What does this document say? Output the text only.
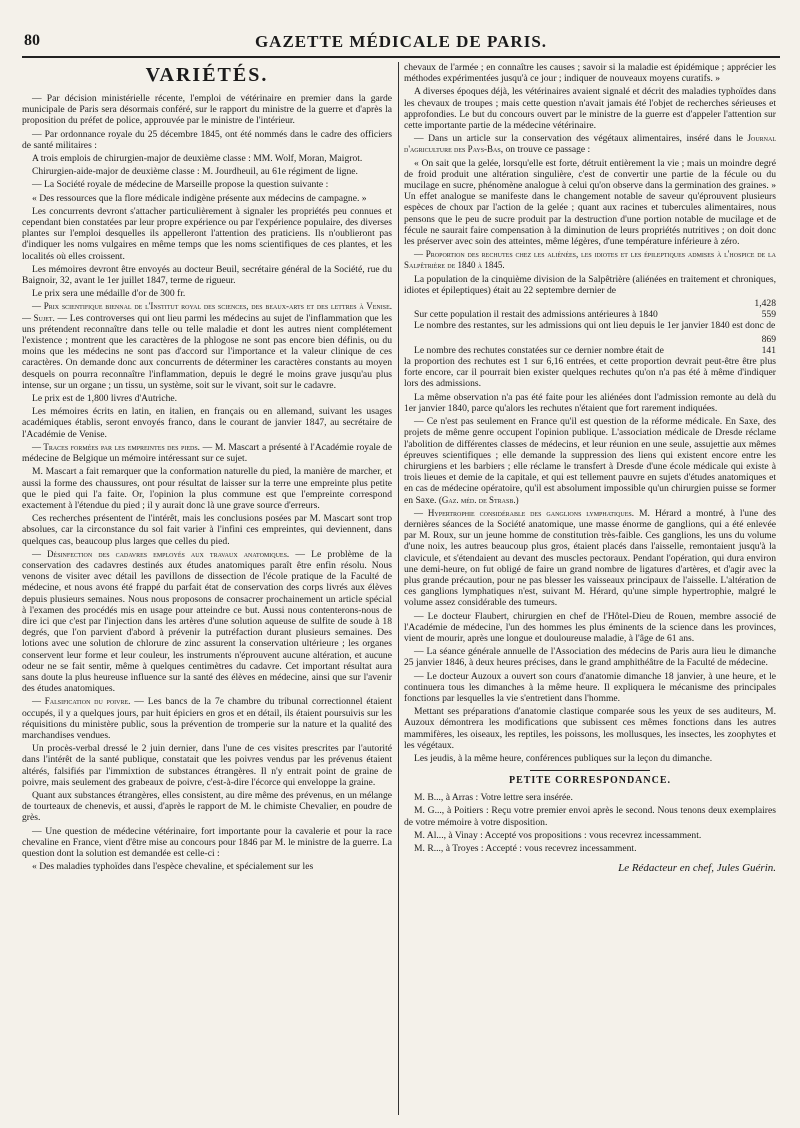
80	GAZETTE MÉDICALE DE PARIS.
VARIÉTÉS.

— Par décision ministérielle récente, l'emploi de vétérinaire en premier dans la garde municipale de Paris sera désormais conféré, sur le rapport du ministre de la guerre et d'après la proposition du préfet de police, approuvée par le ministre de l'intérieur.

— Par ordonnance royale du 25 décembre 1845, ont été nommés dans le cadre des officiers de santé militaires :

A trois emplois de chirurgien-major de deuxième classe : MM. Wolf, Moran, Maigrot.

Chirurgien-aide-major de deuxième classe : M. Jourdheuil, au 61e régiment de ligne.

— La Société royale de médecine de Marseille propose la question suivante :

« Des ressources que la flore médicale indigène présente aux médecins de campagne. »

Les concurrents devront s'attacher particulièrement à signaler les propriétés peu connues et cependant bien constatées par leur propre expérience ou par l'expérience populaire, des diverses plantes sur l'emploi desquelles ils appelleront l'attention des praticiens. Ils n'oublieront pas d'indiquer les noms vulgaires en même temps que les noms scientifiques de ces plantes, et les localités où elles croissent.

Les mémoires devront être envoyés au docteur Beuil, secrétaire général de la Société, rue du Baignoir, 32, avant le 1er juillet 1847, terme de rigueur.

Le prix sera une médaille d'or de 300 fr.

— Prix scientifique biennal de l'Institut royal des sciences, des beaux-arts et des lettres à Venise. — Sujet. — Les controverses qui ont lieu parmi les médecins au sujet de l'inflammation que les uns prétendent reconnaître dans telle ou telle maladie et dont les autres nient complétement l'existence ; montrent que les caractères de la phlogose ne sont pas encore bien définis, ou du moins que les médecins ne sont pas d'accord sur l'importance et la valeur clinique de ces caractères. On demande donc aux concurrents de déterminer les caractères constants au moyen desquels on pourra reconnaître l'inflammation, depuis le degré le moins grave jusqu'au plus intense, sur un organe ; un tissu, un système, soit sur le vivant, soit sur le cadavre.

Le prix est de 1,800 livres d'Autriche.

Les mémoires écrits en latin, en italien, en français ou en allemand, suivant les usages académiques établis, seront envoyés franco, dans le courant de janvier 1847, au secrétaire de l'Académie de Venise.

— Traces formées par les empreintes des pieds. — M. Mascart a présenté à l'Académie royale de médecine de Belgique un mémoire intéressant sur ce sujet.

M. Mascart a fait remarquer que la conformation naturelle du pied, la manière de marcher, et aussi la forme des chaussures, ont pour résultat de laisser sur la terre une empreinte plus petite que le pied qui l'a faite. Or, l'opinion la plus commune est que l'empreinte correspond exactement à l'étendue du pied ; il y aurait donc là une grave source d'erreurs.

Ces recherches présentent de l'intérêt, mais les conclusions posées par M. Mascart sont trop absolues, car la circonstance du sol fait varier à l'infini ces empreintes, qui deviennent, dans quelques cas, beaucoup plus larges que celles du pied.

— Désinfection des cadavres employés aux travaux anatomiques. — Le problème de la conservation des cadavres destinés aux études anatomiques paraît être enfin résolu. Nous venons de visiter avec détail les pavillons de dissection de l'école pratique de la Faculté de médecine, et nous avons été frappé du parfait état de conservation des corps livrés aux élèves depuis plusieurs semaines. Nous nous proposons de consacrer prochainement un article spécial à l'examen des procédés mis en usage pour atteindre ce but. Aussi nous contenterons-nous de dire ici que c'est par l'injection dans les artères d'une solution aqueuse de sulfite de soude à 18 degrés, que l'on parvient d'abord à prévenir la putréfaction durant plusieurs semaines. Des lotions avec une solution de chlorure de zinc assurent la conservation ultérieure ; les organes conservent leur forme et leur couleur, les instruments n'éprouvent aucune altération, et aucune odeur ne se fait sentir, même à quelques centimètres du cadavre. Cet important résultat aura sans doute la plus heureuse influence sur la santé des élèves en médecine, ainsi que sur l'avenir des études anatomiques.

— Falsification du poivre. — Les bancs de la 7e chambre du tribunal correctionnel étaient occupés, il y a quelques jours, par huit épiciers en gros et en détail, ils étaient poursuivis sur les réquisitions du ministère public, sous la prévention de tromperie sur la nature et la qualité des marchandises vendues.

Un procès-verbal dressé le 2 juin dernier, dans l'une de ces visites prescrites par l'autorité dans l'intérêt de la santé publique, constatait que les poivres vendus par les prévenus étaient altérés, falsifiés par l'immixtion de substances étrangères. Il n'y entrait point de graine de poivre, mais seulement des grabeaux de poivre, c'est-à-dire l'écorce qui enveloppe la graine.

Quant aux substances étrangères, elles consistent, au dire même des prévenus, en un mélange de tourteaux de chenevis, et aussi, d'après le rapport de M. le chimiste Chevalier, en poudre de grès.

— Une question de médecine vétérinaire, fort importante pour la cavalerie et pour la race chevaline en France, vient d'être mise au concours pour 1846 par M. le ministre de la guerre. La question dont la solution est demandée est celle-ci :

« Des maladies typhoïdes dans l'espèce chevaline, et spécialement sur les

chevaux de l'armée ; en connaître les causes ; savoir si la maladie est épidémique ; apprécier les méthodes expérimentées jusqu'à ce jour ; indiquer de nouveaux moyens curatifs. »

A diverses époques déjà, les vétérinaires avaient signalé et décrit des maladies typhoïdes dans les chevaux de troupes ; mais cette question n'avait jamais été l'objet de recherches sérieuses et approfondies. Le but du concours ouvert par le ministre de la guerre est d'appeler l'attention sur cette importante partie de la médecine vétérinaire.

— Dans un article sur la conservation des végétaux alimentaires, inséré dans le Journal d'agriculture des Pays-Bas, on trouve ce passage :

« On sait que la gelée, lorsqu'elle est forte, détruit entièrement la vie ; mais un moindre degré de froid produit une altération singulière, c'est de convertir une partie de la fécule ou du mucilage en sucre, phénomène analogue à celui qu'on observe dans la germination des graines. » Un effet analogue se manifeste dans le changement notable de saveur qu'éprouvent plusieurs espèces de choux par l'action de la gelée ; quant aux racines et tubercules alimentaires, nous pensons que le peu de sucre produit par la destruction d'une portion notable de mucilage et de fécule ne saurait faire compensation à la diminution de leurs propriétés nutritives ; on doit donc les préserver avec soin des atteintes, même légères, d'une température inférieure à zéro.

— Proportion des rechutes chez les aliénées, les idiotes et les épileptiques admises à l'hospice de la Salpêtrière de 1840 à 1845.

La population de la cinquième division de la Salpêtrière (aliénées en traitement et chroniques, idiotes et épileptiques) était au 22 septembre dernier de

1,428
Sur cette population il restait des admissions antérieures à 1840	559

Le nombre des restantes, sur les admissions qui ont lieu depuis le 1er janvier 1840 est donc de

869
Le nombre des rechutes constatées sur ce dernier nombre était de	141

la proportion des rechutes est 1 sur 6,16 entrées, et cette proportion devrait peut-être être plus forte encore, car il pourrait bien exister quelques rechutes qu'on n'a pas été à même d'indiquer lors des admissions.

La même observation n'a pas été faite pour les aliénées dont l'admission remonte au delà du 1er janvier 1840, parce qu'alors les rechutes n'étaient que fort rarement indiquées.

— Ce n'est pas seulement en France qu'il est question de la réforme médicale. En Saxe, des projets de même genre occupent l'opinion publique. L'association médicale de Dresde réclame l'abolition de différentes classes de médecins, et leur réunion en une seule, assujettie aux mêmes épreuves scientifiques ; elle demande la suppression des liens qui existent encore entre les chirurgiens et les barbiers ; elle réclame le transfert à Dresde d'une école médicale qui existe à trois lieues et demie de la capitale, et qui est tellement pauvre en sujets d'études anatomiques et en cas de médecine opératoire, qu'il est absolument impossible qu'un chirurgien puisse se former en Saxe. (Gaz. méd. de Strasb.)

— Hypertrophie considérable des ganglions lymphatiques. M. Hérard a montré, à l'une des dernières séances de la Société anatomique, une masse énorme de ganglions, qui a été enlevée par M. Roux, sur un jeune homme de constitution très-faible. Ces ganglions, les uns du volume d'une noix, les autres beaucoup plus gros, étaient placés dans l'aisselle, remontaient jusqu'à la clavicule, et s'étendaient au devant des muscles pectoraux. Pendant l'opération, qui dura environ une demi-heure, on fut obligé de faire un grand nombre de ligatures d'artères, et d'agir avec la plus grande précaution, pour ne pas blesser les vaisseaux principaux de l'aisselle. L'altération de ces ganglions lymphatiques n'est, suivant M. Hérard, qu'une simple hypertrophie, malgré le volume assez considérable des tumeurs.

— Le docteur Flaubert, chirurgien en chef de l'Hôtel-Dieu de Rouen, membre associé de l'Académie de médecine, l'un des hommes les plus éminents de la science dans les provinces, vient de mourir, après une longue et douloureuse maladie, à l'âge de 61 ans.

— La séance générale annuelle de l'Association des médecins de Paris aura lieu le dimanche 25 janvier 1846, à deux heures précises, dans le grand amphithéâtre de la Faculté de médecine.

— Le docteur Auzoux a ouvert son cours d'anatomie dimanche 18 janvier, à une heure, et le continuera tous les dimanches à la même heure. Il expliquera le mécanisme des principales fonctions par lesquelles la vie s'entretient dans l'homme.

Mettant ses préparations d'anatomie clastique comparée sous les yeux de ses auditeurs, M. Auzoux démontrera les modifications que subissent ces mêmes fonctions dans les autres mammifères, les oiseaux, les reptiles, les poissons, les mollusques, les insectes, les zoophytes et les végétaux.

Les jeudis, à la même heure, conférences publiques sur la leçon du dimanche.

PETITE CORRESPONDANCE.

M. B..., à Arras : Votre lettre sera insérée.

M. G..., à Poitiers : Reçu votre premier envoi après le second. Nous tenons deux exemplaires de votre mémoire à votre disposition.

M. Al..., à Vinay : Accepté vos propositions : vous recevrez incessamment.

M. R..., à Troyes : Accepté : vous recevrez incessamment.

Le Rédacteur en chef, Jules Guérin.
